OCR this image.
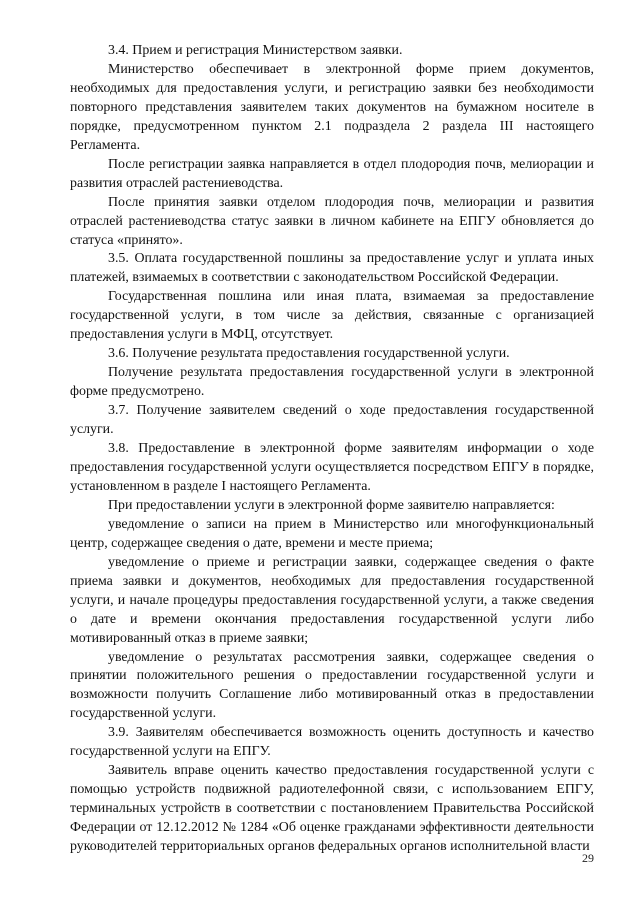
3.4. Прием и регистрация Министерством заявки.

Министерство обеспечивает в электронной форме прием документов, необходимых для предоставления услуги, и регистрацию заявки без необходимости повторного представления заявителем таких документов на бумажном носителе в порядке, предусмотренном пунктом 2.1 подраздела 2 раздела III настоящего Регламента.

После регистрации заявка направляется в отдел плодородия почв, мелиорации и развития отраслей растениеводства.

После принятия заявки отделом плодородия почв, мелиорации и развития отраслей растениеводства статус заявки в личном кабинете на ЕПГУ обновляется до статуса «принято».

3.5. Оплата государственной пошлины за предоставление услуг и уплата иных платежей, взимаемых в соответствии с законодательством Российской Федерации.

Государственная пошлина или иная плата, взимаемая за предоставление государственной услуги, в том числе за действия, связанные с организацией предоставления услуги в МФЦ, отсутствует.

3.6. Получение результата предоставления государственной услуги.

Получение результата предоставления государственной услуги в электронной форме предусмотрено.

3.7. Получение заявителем сведений о ходе предоставления государственной услуги.

3.8. Предоставление в электронной форме заявителям информации о ходе предоставления государственной услуги осуществляется посредством ЕПГУ в порядке, установленном в разделе I настоящего Регламента.

При предоставлении услуги в электронной форме заявителю направляется:

уведомление о записи на прием в Министерство или многофункциональный центр, содержащее сведения о дате, времени и месте приема;

уведомление о приеме и регистрации заявки, содержащее сведения о факте приема заявки и документов, необходимых для предоставления государственной услуги, и начале процедуры предоставления государственной услуги, а также сведения о дате и времени окончания предоставления государственной услуги либо мотивированный отказ в приеме заявки;

уведомление о результатах рассмотрения заявки, содержащее сведения о принятии положительного решения о предоставлении государственной услуги и возможности получить Соглашение либо мотивированный отказ в предоставлении государственной услуги.

3.9. Заявителям обеспечивается возможность оценить доступность и качество государственной услуги на ЕПГУ.

Заявитель вправе оценить качество предоставления государственной услуги с помощью устройств подвижной радиотелефонной связи, с использованием ЕПГУ, терминальных устройств в соответствии с постановлением Правительства Российской Федерации от 12.12.2012 № 1284 «Об оценке гражданами эффективности деятельности руководителей территориальных органов федеральных органов исполнительной власти

29
